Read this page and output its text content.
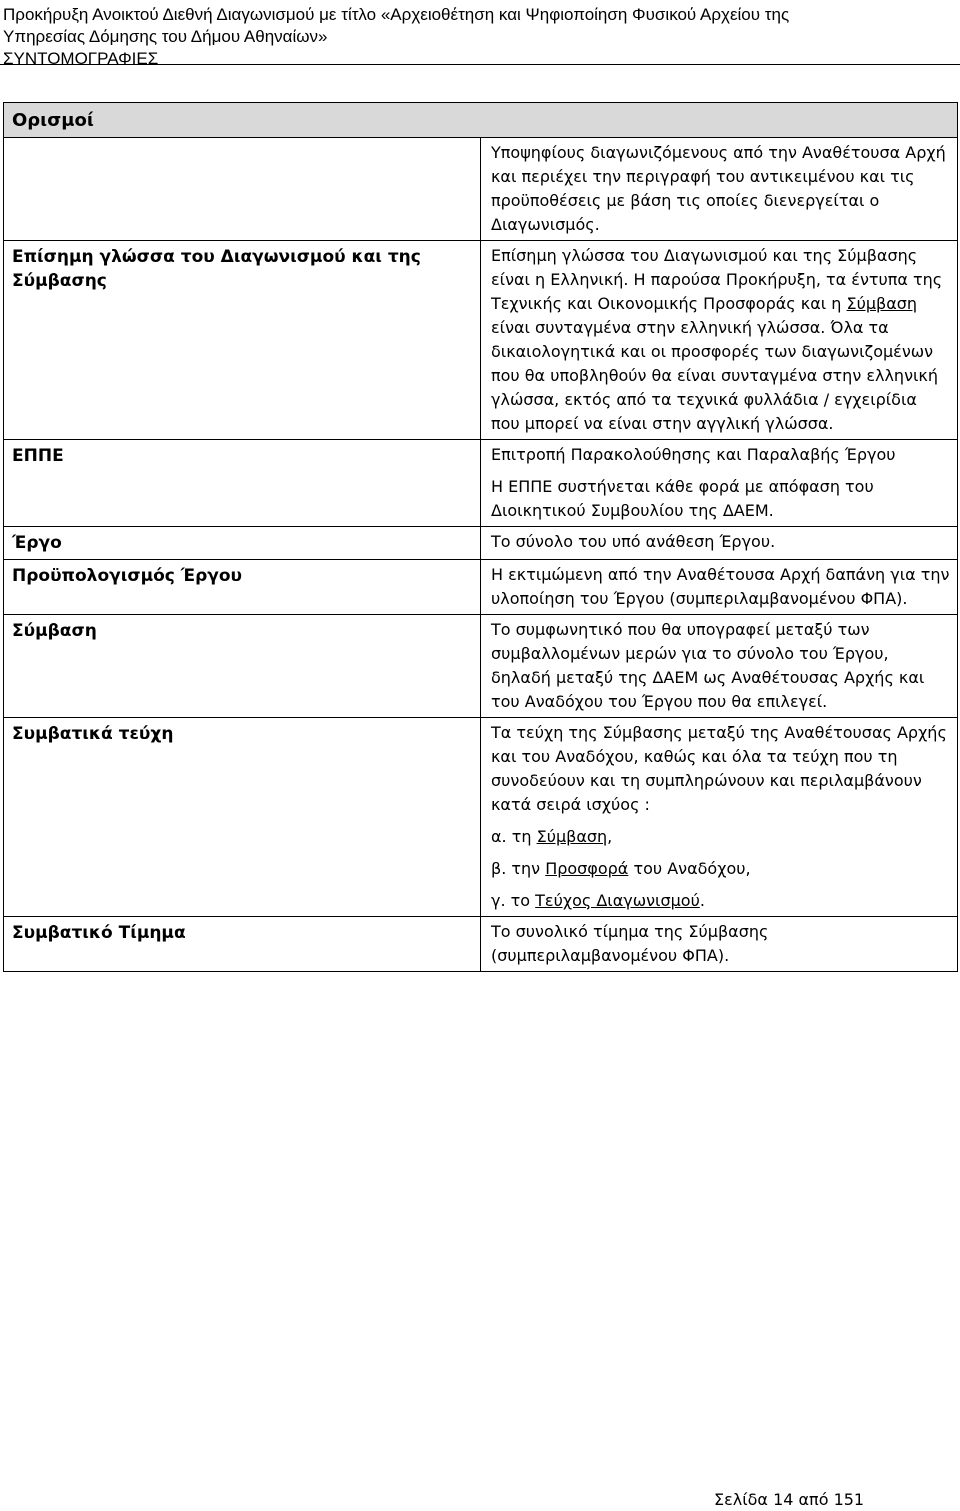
Προκήρυξη Ανοικτού Διεθνή Διαγωνισμού με τίτλο «Αρχειοθέτηση και Ψηφιοποίηση Φυσικού Αρχείου της
Υπηρεσίας Δόμησης του Δήμου Αθηναίων»
ΣΥΝΤΟΜΟΓΡΑΦΙΕΣ
Ορισμοί	

	Υποψηφίους διαγωνιζόμενους από την Αναθέτουσα Αρχή και περιέχει την περιγραφή του αντικειμένου και τις προϋποθέσεις με βάση τις οποίες διενεργείται ο Διαγωνισμός.

Επίσημη γλώσσα του Διαγωνισμού και της Σύμβασης	Επίσημη γλώσσα του Διαγωνισμού και της Σύμβασης είναι η Ελληνική. Η παρούσα Προκήρυξη, τα έντυπα της Τεχνικής και Οικονομικής Προσφοράς και η Σύμβαση είναι συνταγμένα στην ελληνική γλώσσα. Όλα τα δικαιολογητικά και οι προσφορές των διαγωνιζομένων που θα υποβληθούν θα είναι συνταγμένα στην ελληνική γλώσσα, εκτός από τα τεχνικά φυλλάδια / εγχειρίδια που μπορεί να είναι στην αγγλική γλώσσα.

ΕΠΠΕ	Επιτροπή Παρακολούθησης και Παραλαβής Έργου

Η ΕΠΠΕ συστήνεται κάθε φορά με απόφαση του Διοικητικού Συμβουλίου της ΔΑΕΜ.

Έργο	Το σύνολο του υπό ανάθεση Έργου.

Προϋπολογισμός Έργου	Η εκτιμώμενη από την Αναθέτουσα Αρχή δαπάνη για την υλοποίηση του Έργου (συμπεριλαμβανομένου ΦΠΑ).

Σύμβαση	Το συμφωνητικό που θα υπογραφεί μεταξύ των συμβαλλομένων μερών για το σύνολο του Έργου, δηλαδή μεταξύ της ΔΑΕΜ ως Αναθέτουσας Αρχής και του Αναδόχου του Έργου που θα επιλεγεί.

Συμβατικά τεύχη	Τα τεύχη της Σύμβασης μεταξύ της Αναθέτουσας Αρχής και του Αναδόχου, καθώς και όλα τα τεύχη που τη συνοδεύουν και τη συμπληρώνουν και περιλαμβάνουν κατά σειρά ισχύος :

α. τη Σύμβαση,

β. την Προσφορά του Αναδόχου,

γ. το Τεύχος Διαγωνισμού.

Συμβατικό Τίμημα	Το συνολικό τίμημα της Σύμβασης (συμπεριλαμβανομένου ΦΠΑ).

Σελίδα 14 από 151
